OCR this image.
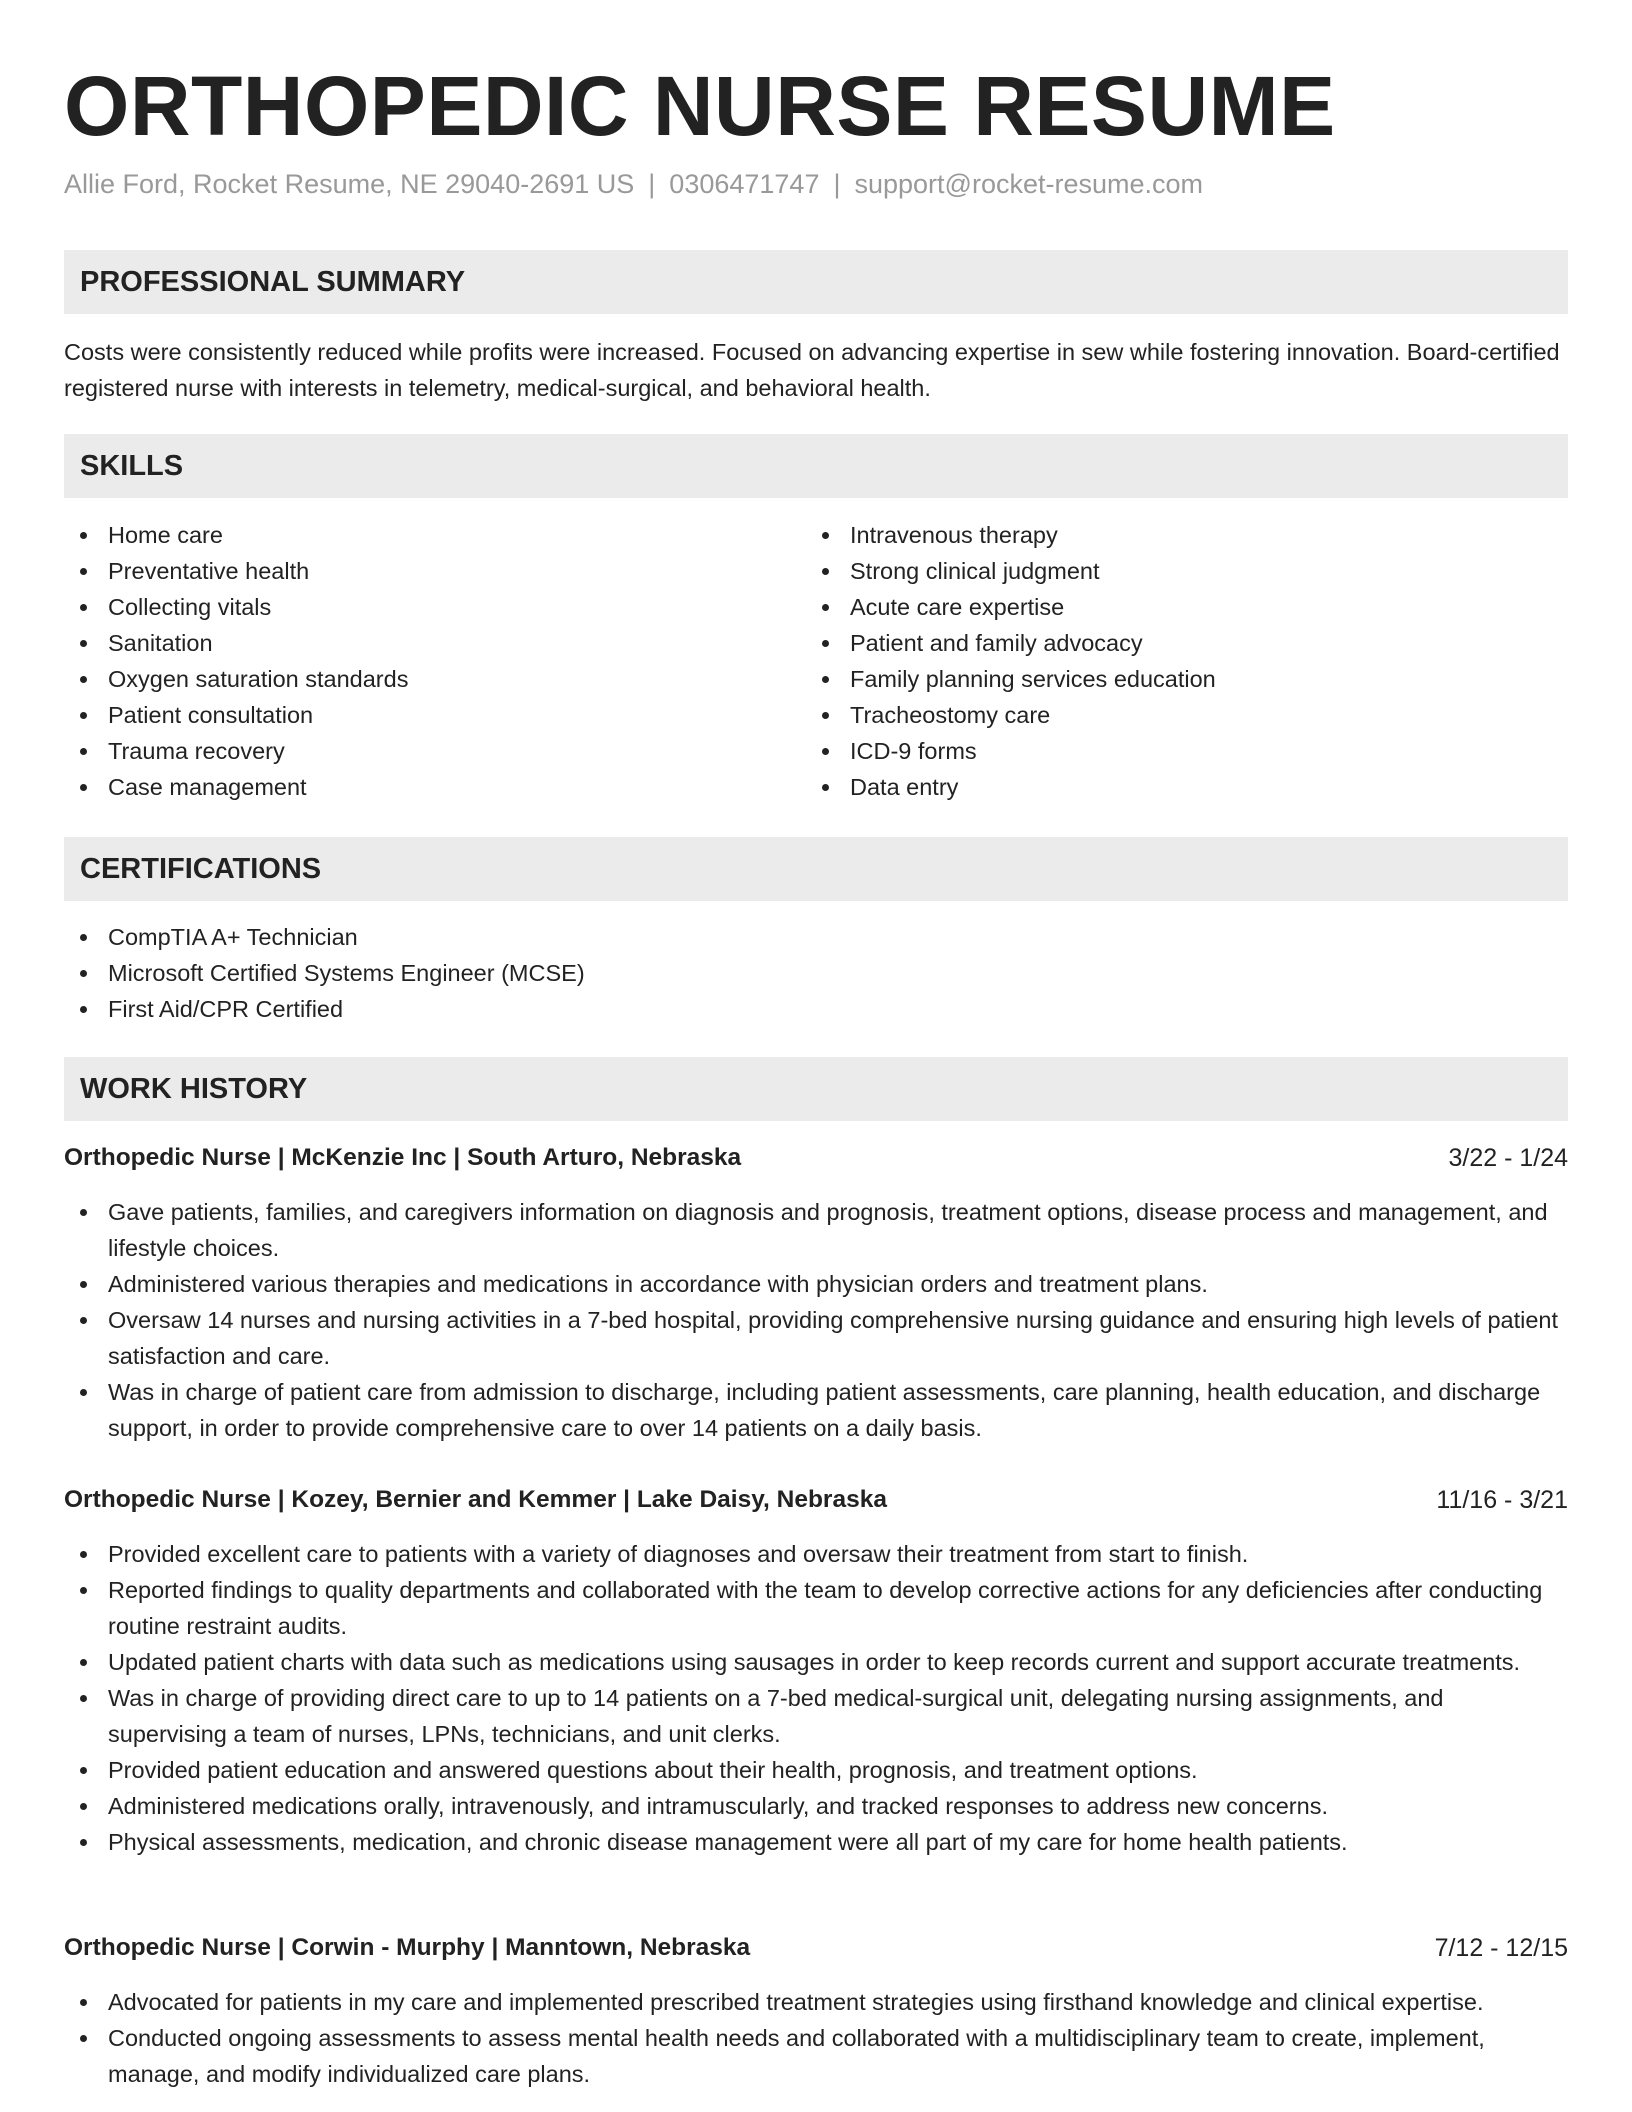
ORTHOPEDIC NURSE RESUME
Allie Ford, Rocket Resume, NE 29040-2691 US | 0306471747 | support@rocket-resume.com
PROFESSIONAL SUMMARY

Costs were consistently reduced while profits were increased. Focused on advancing expertise in sew while fostering innovation. Board-certified registered nurse with interests in telemetry, medical-surgical, and behavioral health.

SKILLS
Home care
Preventative health
Collecting vitals
Sanitation
Oxygen saturation standards
Patient consultation
Trauma recovery
Case management
Intravenous therapy
Strong clinical judgment
Acute care expertise
Patient and family advocacy
Family planning services education
Tracheostomy care
ICD-9 forms
Data entry
CERTIFICATIONS
CompTIA A+ Technician
Microsoft Certified Systems Engineer (MCSE)
First Aid/CPR Certified
WORK HISTORY
Orthopedic Nurse | McKenzie Inc | South Arturo, Nebraska	3/22 - 1/24
Gave patients, families, and caregivers information on diagnosis and prognosis, treatment options, disease process and management, and lifestyle choices.
Administered various therapies and medications in accordance with physician orders and treatment plans.
Oversaw 14 nurses and nursing activities in a 7-bed hospital, providing comprehensive nursing guidance and ensuring high levels of patient satisfaction and care.
Was in charge of patient care from admission to discharge, including patient assessments, care planning, health education, and discharge support, in order to provide comprehensive care to over 14 patients on a daily basis.
Orthopedic Nurse | Kozey, Bernier and Kemmer | Lake Daisy, Nebraska	11/16 - 3/21
Provided excellent care to patients with a variety of diagnoses and oversaw their treatment from start to finish.
Reported findings to quality departments and collaborated with the team to develop corrective actions for any deficiencies after conducting routine restraint audits.
Updated patient charts with data such as medications using sausages in order to keep records current and support accurate treatments.
Was in charge of providing direct care to up to 14 patients on a 7-bed medical-surgical unit, delegating nursing assignments, and supervising a team of nurses, LPNs, technicians, and unit clerks.
Provided patient education and answered questions about their health, prognosis, and treatment options.
Administered medications orally, intravenously, and intramuscularly, and tracked responses to address new concerns.
Physical assessments, medication, and chronic disease management were all part of my care for home health patients.
Orthopedic Nurse | Corwin - Murphy | Manntown, Nebraska	7/12 - 12/15
Advocated for patients in my care and implemented prescribed treatment strategies using firsthand knowledge and clinical expertise.
Conducted ongoing assessments to assess mental health needs and collaborated with a multidisciplinary team to create, implement, manage, and modify individualized care plans.
